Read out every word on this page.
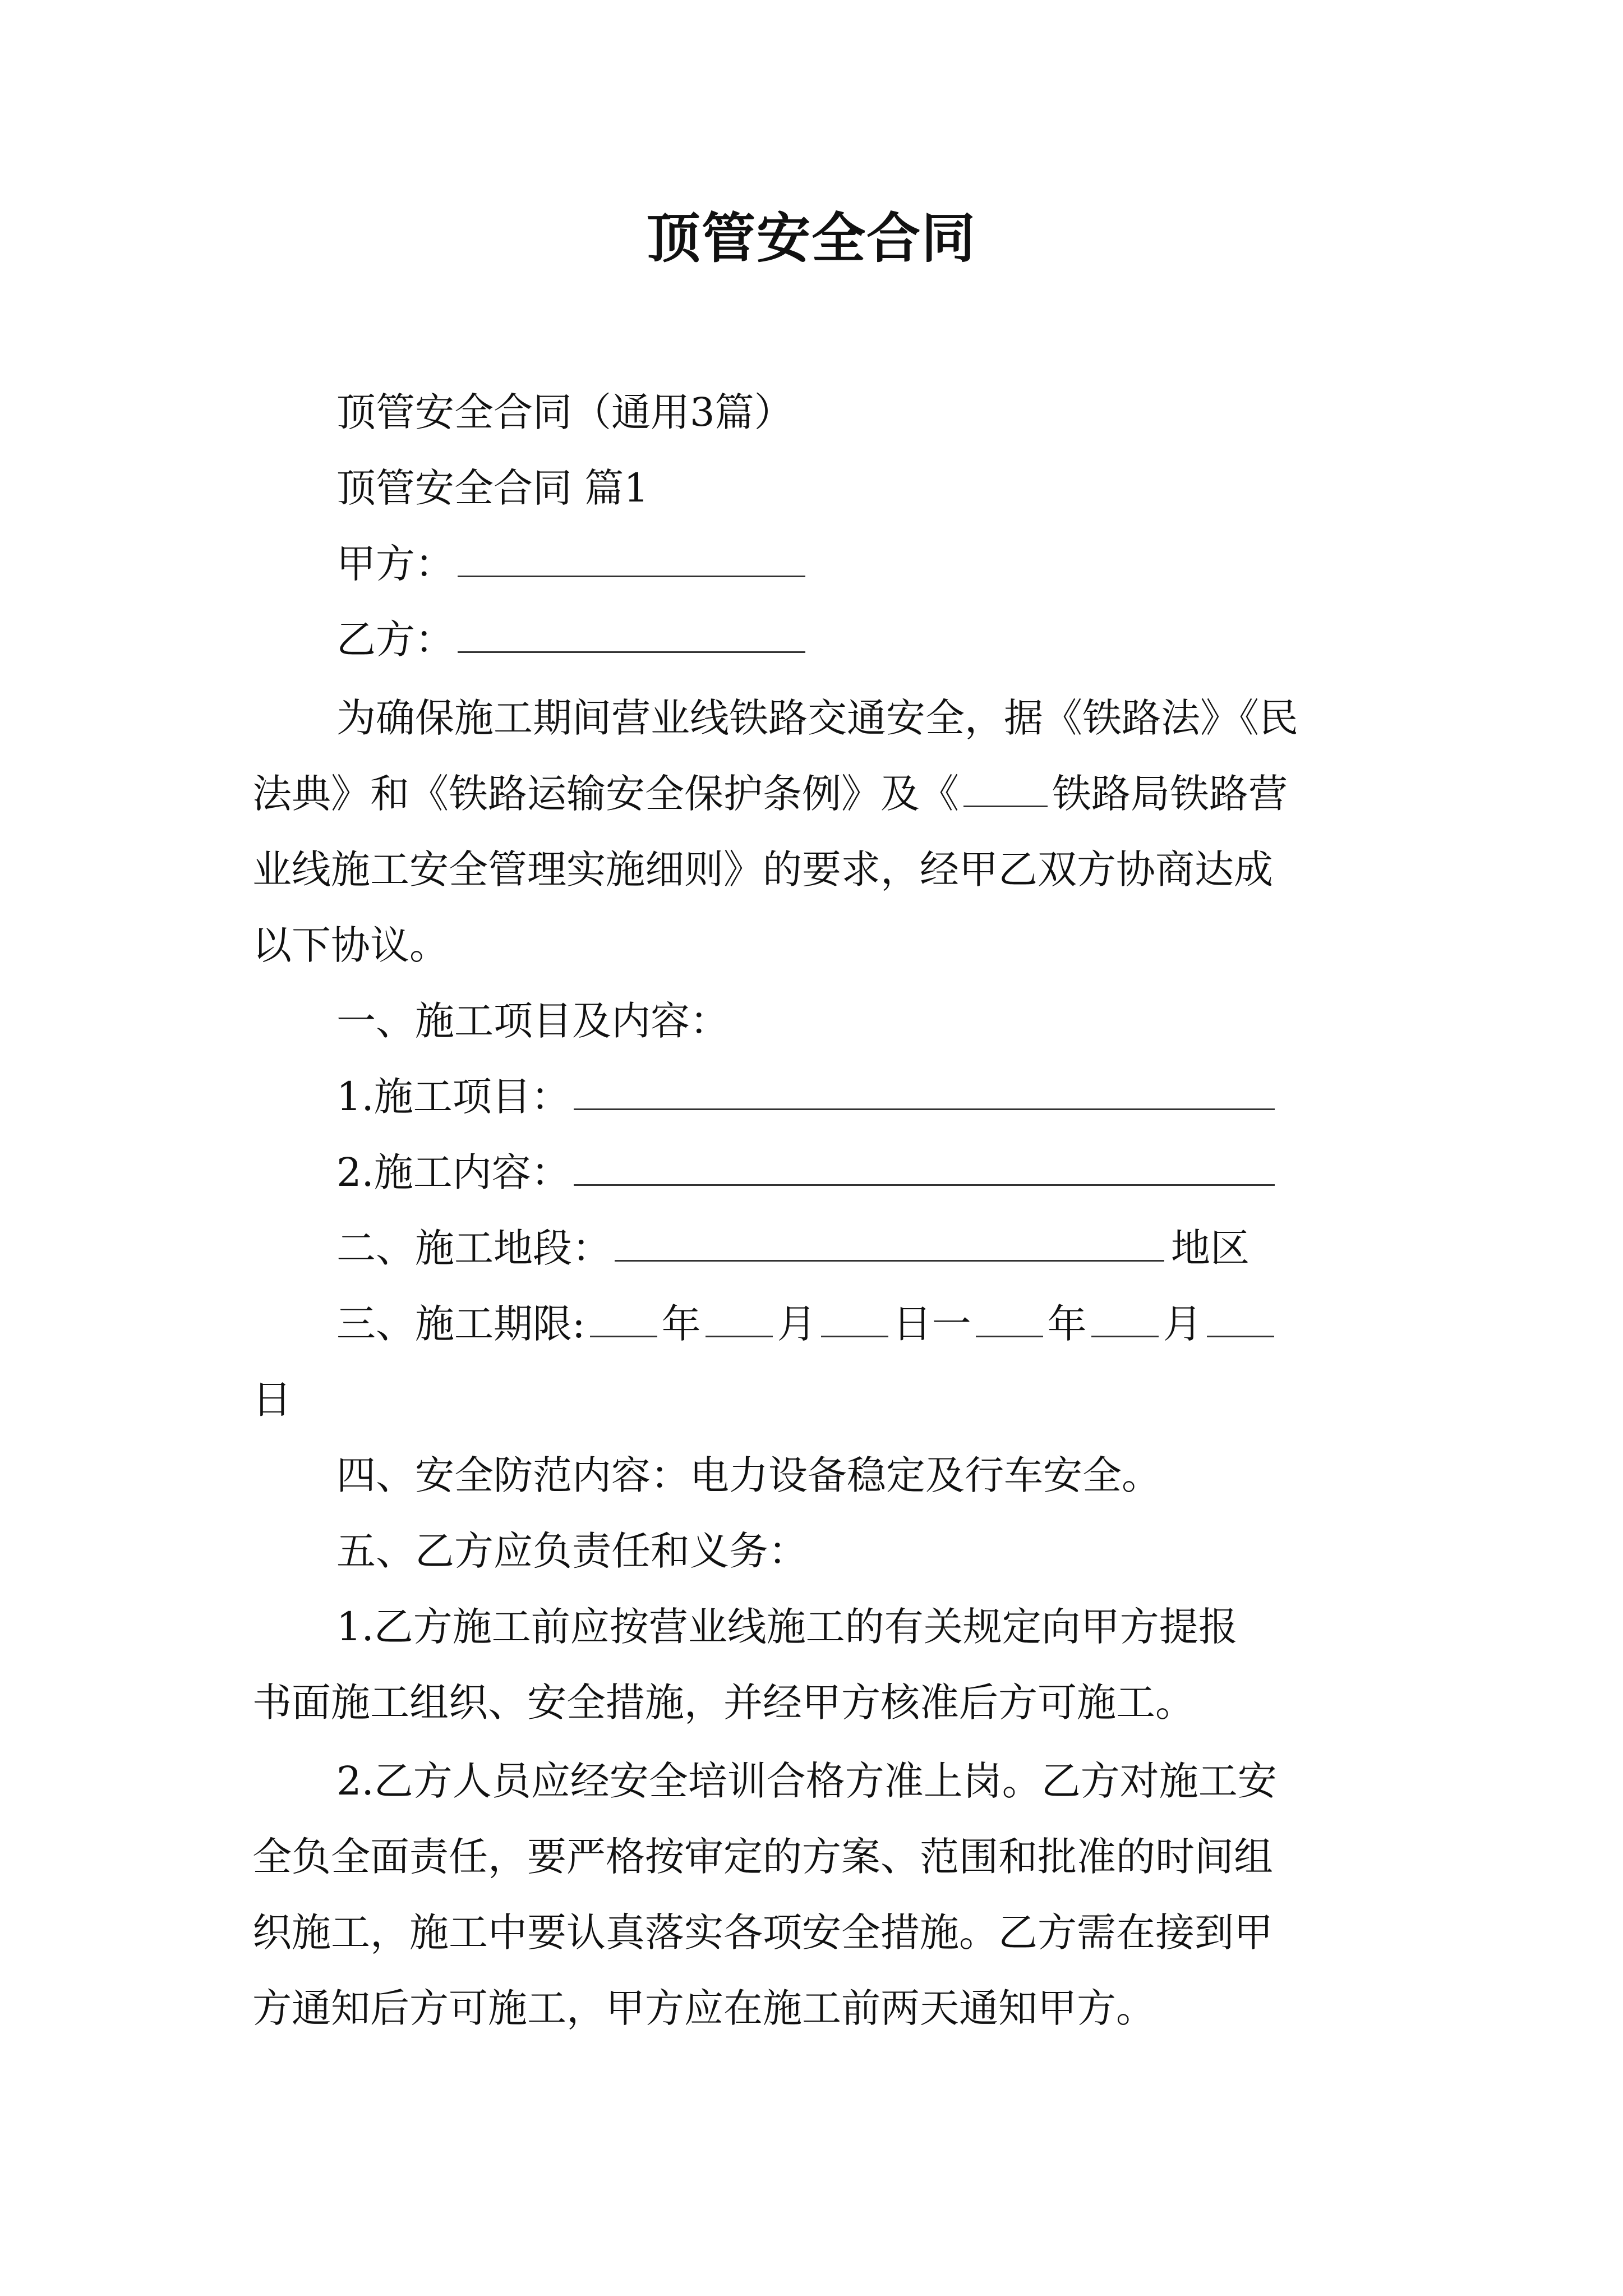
顶管安全合同
顶管安全合同（通用3篇）
顶管安全合同 篇1
甲方：
乙方：
为确保施工期间营业线铁路交通安全，据《铁路法》《民
法典》和《铁路运输安全保护条例》及《 铁路局铁路营
业线施工安全管理实施细则》的要求，经甲乙双方协商达成
以下协议。
一、施工项目及内容：
1.施工项目：
2.施工内容：
二、施工地段：	地区
三、施工期限: 年 月 日一 年 月
日
四、安全防范内容：电力设备稳定及行车安全。
五、乙方应负责任和义务：
1.乙方施工前应按营业线施工的有关规定向甲方提报
书面施工组织、安全措施，并经甲方核准后方可施工。
2.乙方人员应经安全培训合格方准上岗。乙方对施工安
全负全面责任，要严格按审定的方案、范围和批准的时间组
织施工，施工中要认真落实各项安全措施。乙方需在接到甲
方通知后方可施工，甲方应在施工前两天通知甲方。
